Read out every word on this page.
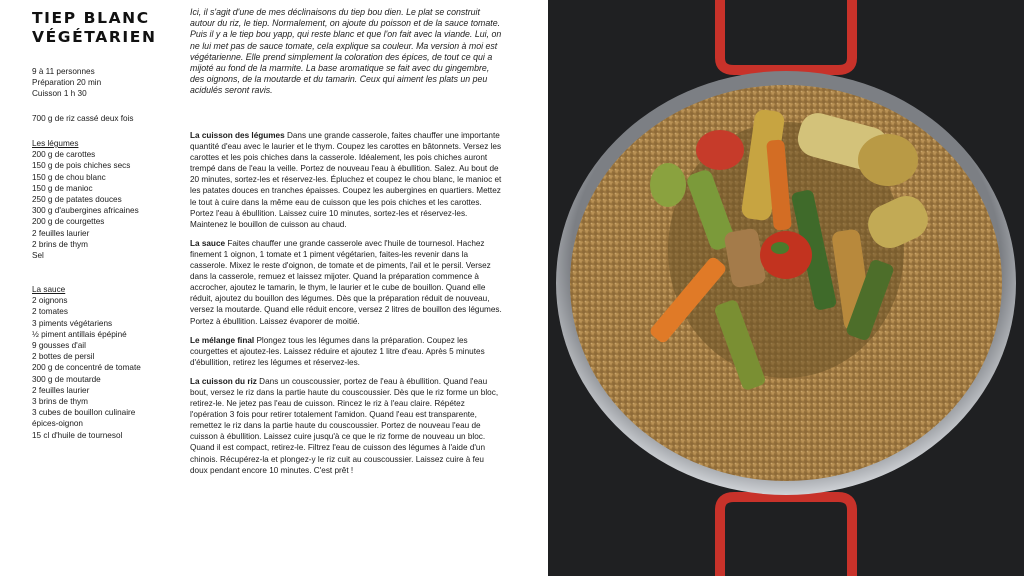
TIEP BLANC
VÉGÉTARIEN
9 à 11 personnes
Préparation 20 min
Cuisson 1 h 30
700 g de riz cassé deux fois
Les légumes
200 g de carottes
150 g de pois chiches secs
150 g de chou blanc
150 g de manioc
250 g de patates douces
300 g d'aubergines africaines
200 g de courgettes
2 feuilles laurier
2 brins de thym
Sel
La sauce
2 oignons
2 tomates
3 piments végétariens
½ piment antillais épépiné
9 gousses d'ail
2 bottes de persil
200 g de concentré de tomate
300 g de moutarde
2 feuilles laurier
3 brins de thym
3 cubes de bouillon culinaire
épices-oignon
15 cl d'huile de tournesol

Ici, il s'agit d'une de mes déclinaisons du tiep bou dien. Le plat se construit autour du riz, le tiep. Normalement, on ajoute du poisson et de la sauce tomate. Puis il y a le tiep bou yapp, qui reste blanc et que l'on fait avec la viande. Lui, on ne lui met pas de sauce tomate, cela explique sa couleur. Ma version à moi est végétarienne. Elle prend simplement la coloration des épices, de tout ce qui a mijoté au fond de la marmite. La base aromatique se fait avec du gingembre, des oignons, de la moutarde et du tamarin. Ceux qui aiment les plats un peu acidulés seront ravis.

La cuisson des légumes Dans une grande casserole, faites chauffer une importante quantité d'eau avec le laurier et le thym. Coupez les carottes en bâtonnets. Versez les carottes et les pois chiches dans la casserole. Idéalement, les pois chiches auront trempé dans de l'eau la veille. Portez de nouveau l'eau à ébullition. Salez. Au bout de 20 minutes, sortez-les et réservez-les. Épluchez et coupez le chou blanc, le manioc et les patates douces en tranches épaisses. Coupez les aubergines en quartiers. Mettez le tout à cuire dans la même eau de cuisson que les pois chiches et les carottes. Portez l'eau à ébullition. Laissez cuire 10 minutes, sortez-les et réservez-les. Maintenez le bouillon de cuisson au chaud.

La sauce Faites chauffer une grande casserole avec l'huile de tournesol. Hachez finement 1 oignon, 1 tomate et 1 piment végétarien, faites-les revenir dans la casserole. Mixez le reste d'oignon, de tomate et de piments, l'ail et le persil. Versez dans la casserole, remuez et laissez mijoter. Quand la préparation commence à accrocher, ajoutez le tamarin, le thym, le laurier et le cube de bouillon. Quand elle réduit, ajoutez du bouillon des légumes. Dès que la préparation réduit de nouveau, versez la moutarde. Quand elle réduit encore, versez 2 litres de bouillon des légumes. Portez à ébullition. Laissez évaporer de moitié.

Le mélange final Plongez tous les légumes dans la préparation. Coupez les courgettes et ajoutez-les. Laissez réduire et ajoutez 1 litre d'eau. Après 5 minutes d'ébullition, retirez les légumes et réservez-les.

La cuisson du riz Dans un couscoussier, portez de l'eau à ébullition. Quand l'eau bout, versez le riz dans la partie haute du couscoussier. Dès que le riz forme un bloc, retirez-le. Ne jetez pas l'eau de cuisson. Rincez le riz à l'eau claire. Répétez l'opération 3 fois pour retirer totalement l'amidon. Quand l'eau est transparente, remettez le riz dans la partie haute du couscoussier. Portez de nouveau l'eau de cuisson à ébullition. Laissez cuire jusqu'à ce que le riz forme de nouveau un bloc. Quand il est compact, retirez-le. Filtrez l'eau de cuisson des légumes à l'aide d'un chinois. Récupérez-la et plongez-y le riz cuit au couscoussier. Laissez cuire à feu doux pendant encore 10 minutes. C'est prêt !
